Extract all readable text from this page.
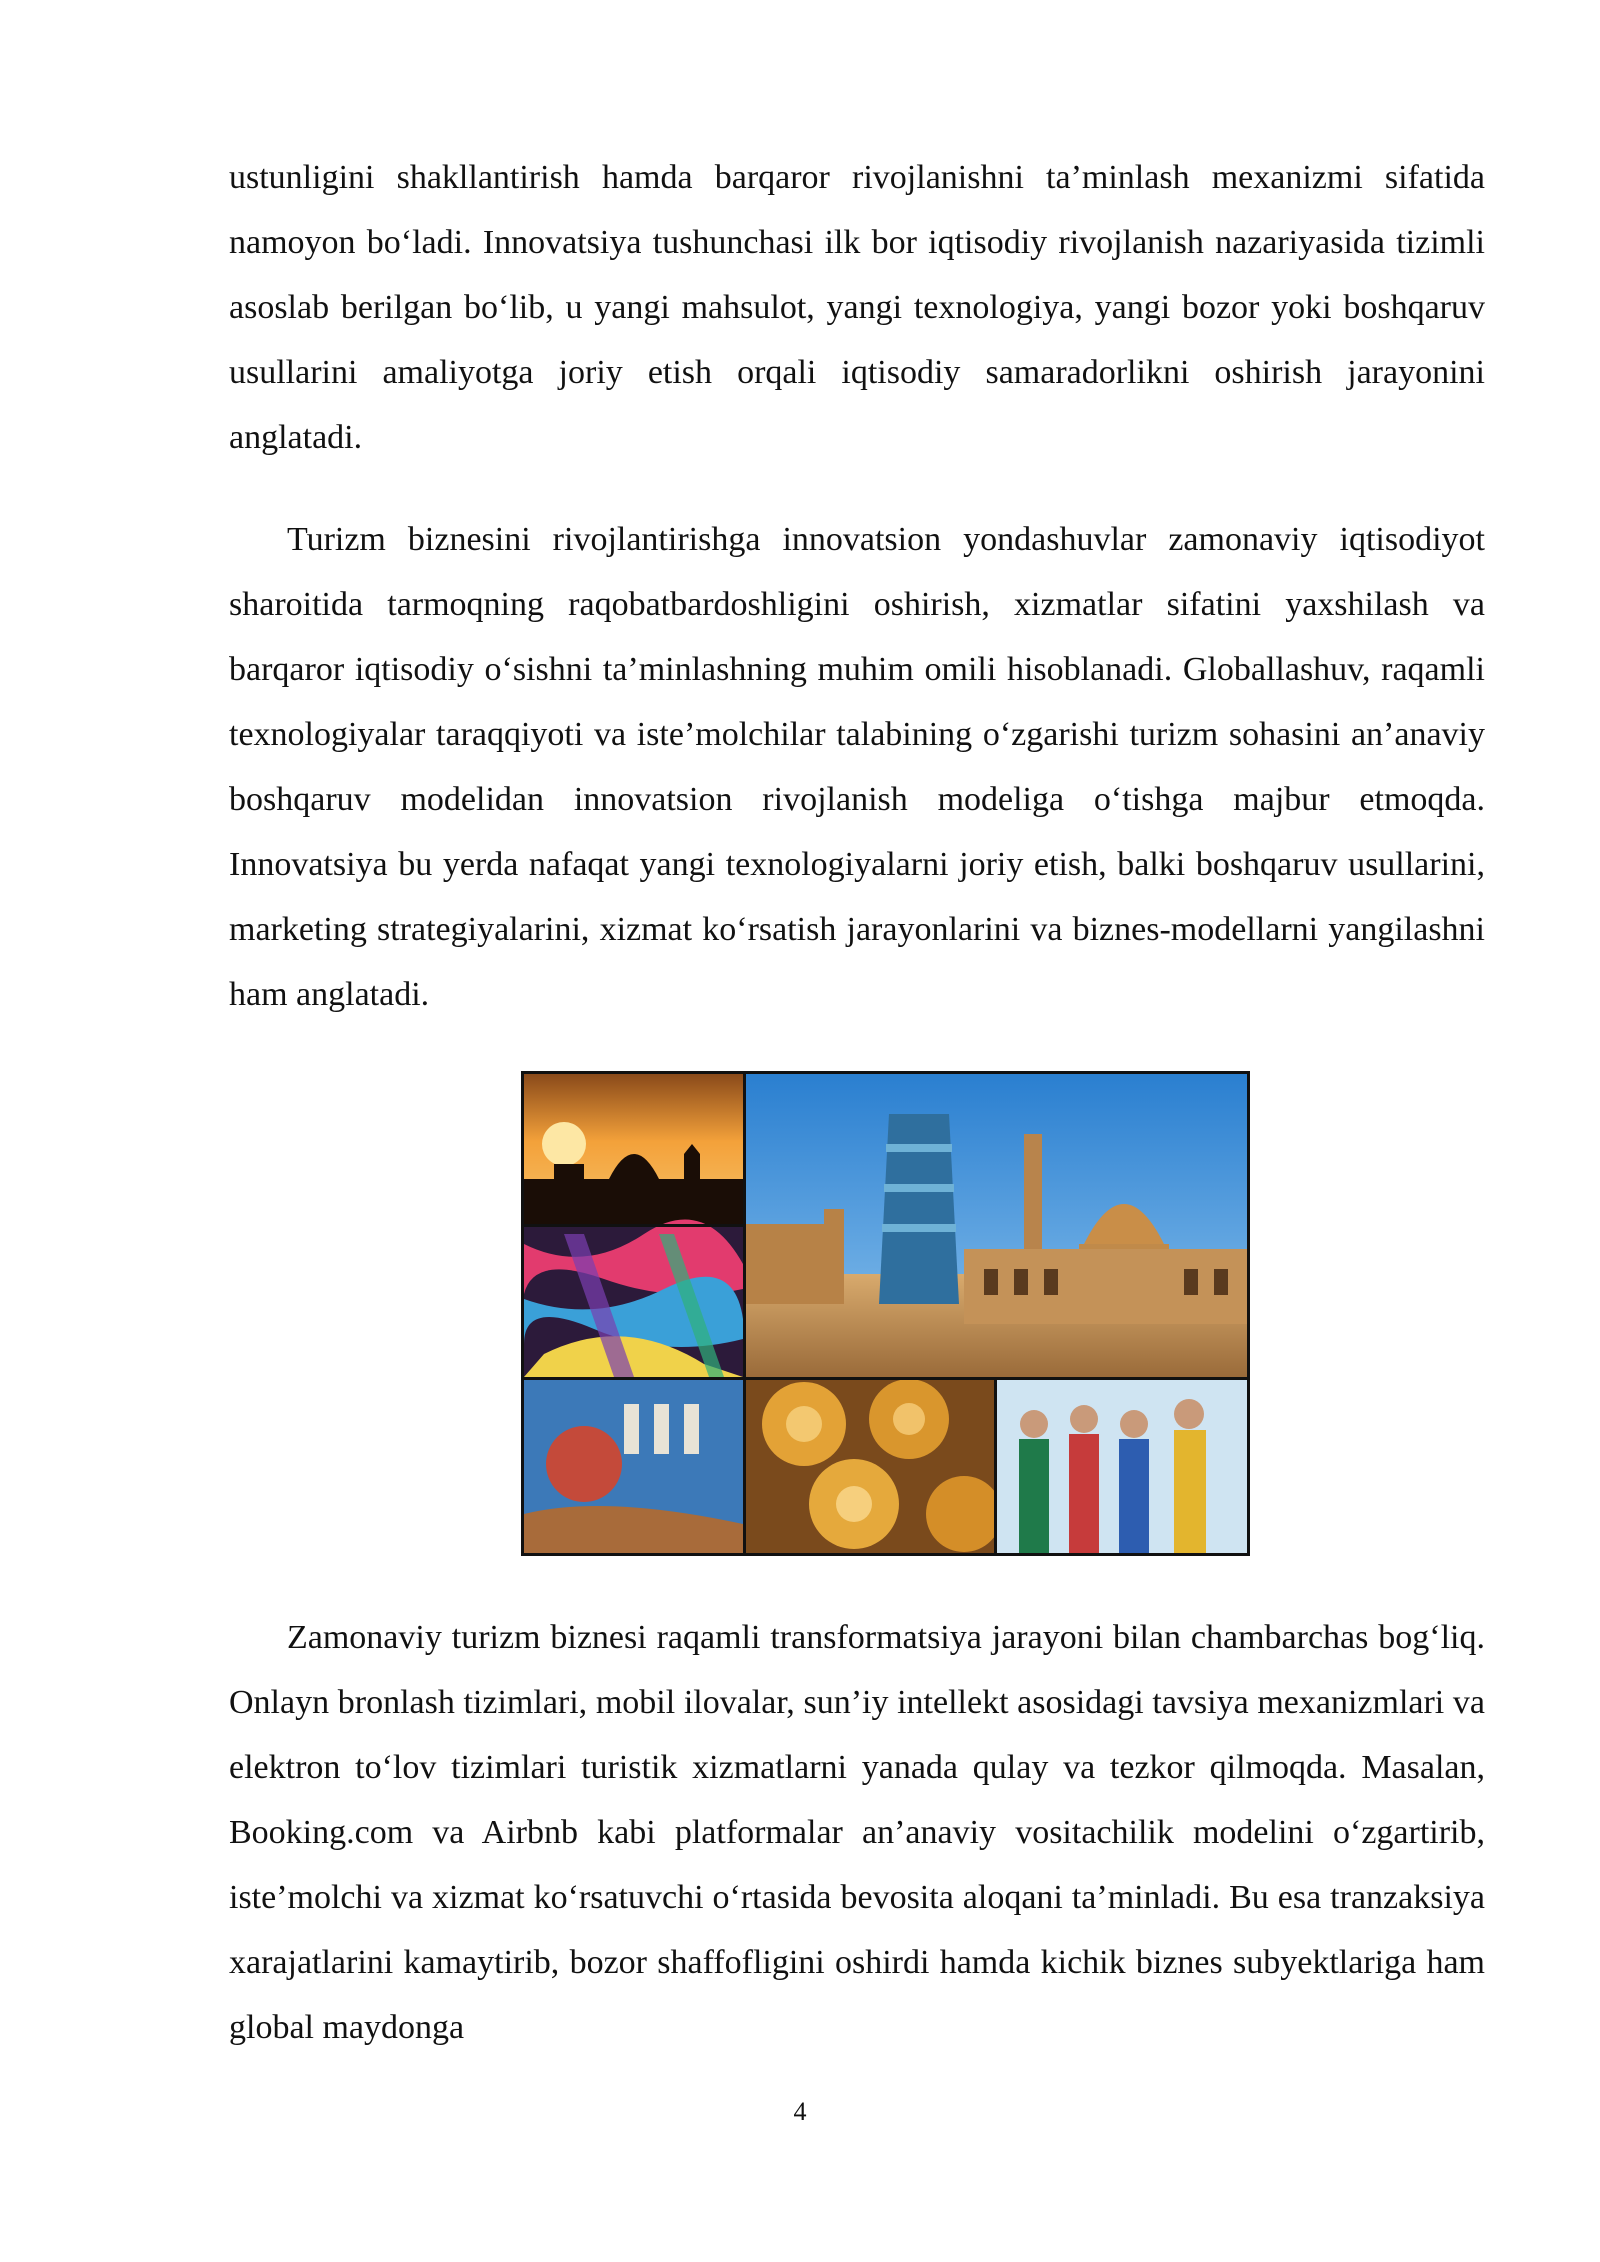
ustunligini shakllantirish hamda barqaror rivojlanishni ta’minlash mexanizmi sifatida namoyon bo‘ladi. Innovatsiya tushunchasi ilk bor iqtisodiy rivojlanish nazariyasida tizimli asoslab berilgan bo‘lib, u yangi mahsulot, yangi texnologiya, yangi bozor yoki boshqaruv usullarini amaliyotga joriy etish orqali iqtisodiy samaradorlikni oshirish jarayonini anglatadi.

Turizm biznesini rivojlantirishga innovatsion yondashuvlar zamonaviy iqtisodiyot sharoitida tarmoqning raqobatbardoshligini oshirish, xizmatlar sifatini yaxshilash va barqaror iqtisodiy o‘sishni ta’minlashning muhim omili hisoblanadi. Globallashuv, raqamli texnologiyalar taraqqiyoti va iste’molchilar talabining o‘zgarishi turizm sohasini an’anaviy boshqaruv modelidan innovatsion rivojlanish modeliga o‘tishga majbur etmoqda. Innovatsiya bu yerda nafaqat yangi texnologiyalarni joriy etish, balki boshqaruv usullarini, marketing strategiyalarini, xizmat ko‘rsatish jarayonlarini va biznes-modellarni yangilashni ham anglatadi.

Zamonaviy turizm biznesi raqamli transformatsiya jarayoni bilan chambarchas bog‘liq. Onlayn bronlash tizimlari, mobil ilovalar, sun’iy intellekt asosidagi tavsiya mexanizmlari va elektron to‘lov tizimlari turistik xizmatlarni yanada qulay va tezkor qilmoqda. Masalan, Booking.com va Airbnb kabi platformalar an’anaviy vositachilik modelini o‘zgartirib, iste’molchi va xizmat ko‘rsatuvchi o‘rtasida bevosita aloqani ta’minladi. Bu esa tranzaksiya xarajatlarini kamaytirib, bozor shaffofligini oshirdi hamda kichik biznes subyektlariga ham global maydonga

4
